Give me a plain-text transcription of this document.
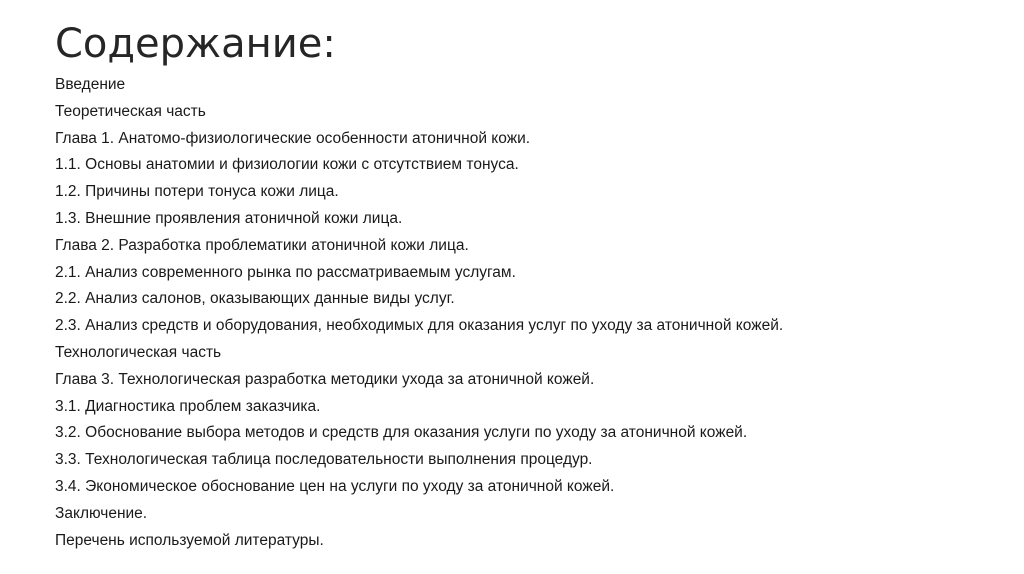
Содержание:
Введение
Теоретическая часть
Глава 1. Анатомо-физиологические особенности атоничной кожи.
1.1. Основы анатомии и физиологии кожи с отсутствием тонуса.
1.2. Причины потери тонуса кожи лица.
1.3. Внешние проявления атоничной кожи лица.
Глава 2. Разработка проблематики атоничной кожи лица.
2.1. Анализ современного рынка по рассматриваемым услугам.
2.2. Анализ салонов, оказывающих данные виды услуг.
2.3. Анализ средств и оборудования, необходимых для оказания услуг по уходу за атоничной кожей.
Технологическая часть
Глава 3. Технологическая разработка методики ухода за атоничной кожей.
3.1. Диагностика проблем заказчика.
3.2. Обоснование выбора методов и средств для оказания услуги по уходу за атоничной кожей.
3.3. Технологическая таблица последовательности выполнения процедур.
3.4. Экономическое обоснование цен на услуги по уходу за атоничной кожей.
Заключение.
Перечень используемой литературы.
